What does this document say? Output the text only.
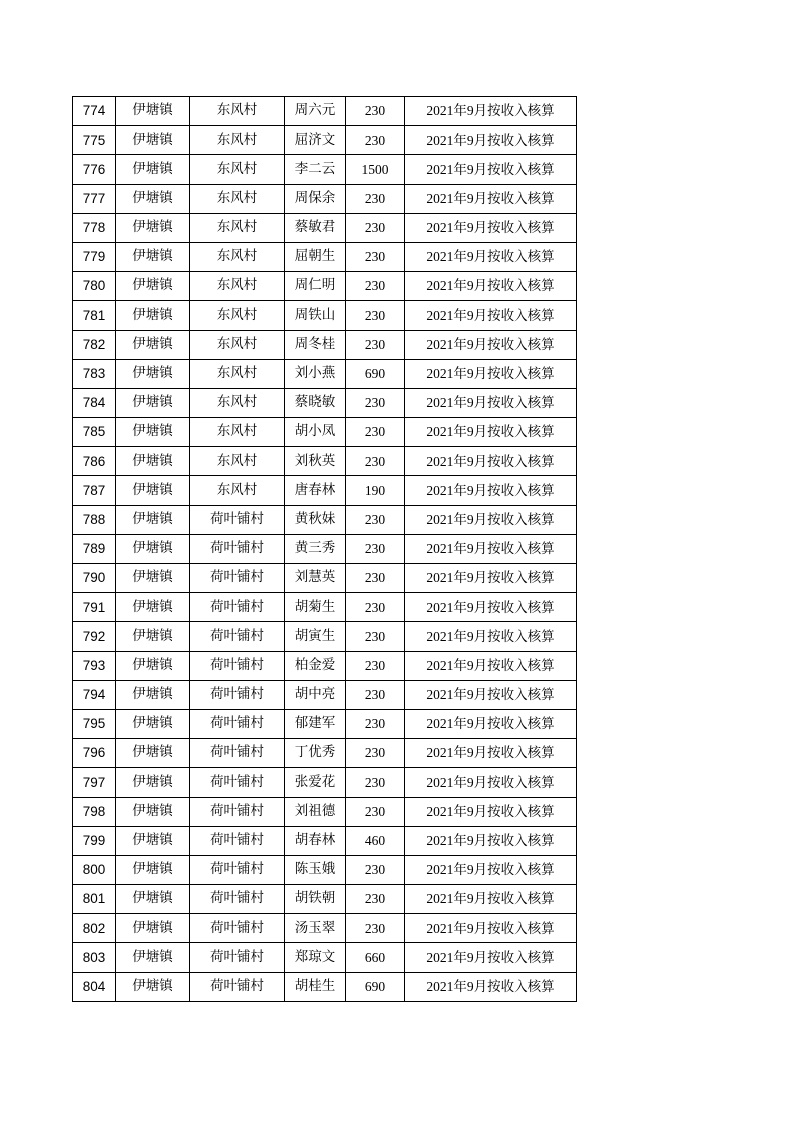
774	伊塘镇	东风村	周六元	230	2021年9月按收入核算
775	伊塘镇	东风村	屈济文	230	2021年9月按收入核算
776	伊塘镇	东风村	李二云	1500	2021年9月按收入核算
777	伊塘镇	东风村	周保余	230	2021年9月按收入核算
778	伊塘镇	东风村	蔡敏君	230	2021年9月按收入核算
779	伊塘镇	东风村	屈朝生	230	2021年9月按收入核算
780	伊塘镇	东风村	周仁明	230	2021年9月按收入核算
781	伊塘镇	东风村	周铁山	230	2021年9月按收入核算
782	伊塘镇	东风村	周冬桂	230	2021年9月按收入核算
783	伊塘镇	东风村	刘小燕	690	2021年9月按收入核算
784	伊塘镇	东风村	蔡晓敏	230	2021年9月按收入核算
785	伊塘镇	东风村	胡小凤	230	2021年9月按收入核算
786	伊塘镇	东风村	刘秋英	230	2021年9月按收入核算
787	伊塘镇	东风村	唐春林	190	2021年9月按收入核算
788	伊塘镇	荷叶铺村	黄秋妹	230	2021年9月按收入核算
789	伊塘镇	荷叶铺村	黄三秀	230	2021年9月按收入核算
790	伊塘镇	荷叶铺村	刘慧英	230	2021年9月按收入核算
791	伊塘镇	荷叶铺村	胡菊生	230	2021年9月按收入核算
792	伊塘镇	荷叶铺村	胡寅生	230	2021年9月按收入核算
793	伊塘镇	荷叶铺村	柏金爱	230	2021年9月按收入核算
794	伊塘镇	荷叶铺村	胡中亮	230	2021年9月按收入核算
795	伊塘镇	荷叶铺村	郁建军	230	2021年9月按收入核算
796	伊塘镇	荷叶铺村	丁优秀	230	2021年9月按收入核算
797	伊塘镇	荷叶铺村	张爱花	230	2021年9月按收入核算
798	伊塘镇	荷叶铺村	刘祖德	230	2021年9月按收入核算
799	伊塘镇	荷叶铺村	胡春林	460	2021年9月按收入核算
800	伊塘镇	荷叶铺村	陈玉娥	230	2021年9月按收入核算
801	伊塘镇	荷叶铺村	胡铁朝	230	2021年9月按收入核算
802	伊塘镇	荷叶铺村	汤玉翠	230	2021年9月按收入核算
803	伊塘镇	荷叶铺村	郑琼文	660	2021年9月按收入核算
804	伊塘镇	荷叶铺村	胡桂生	690	2021年9月按收入核算
